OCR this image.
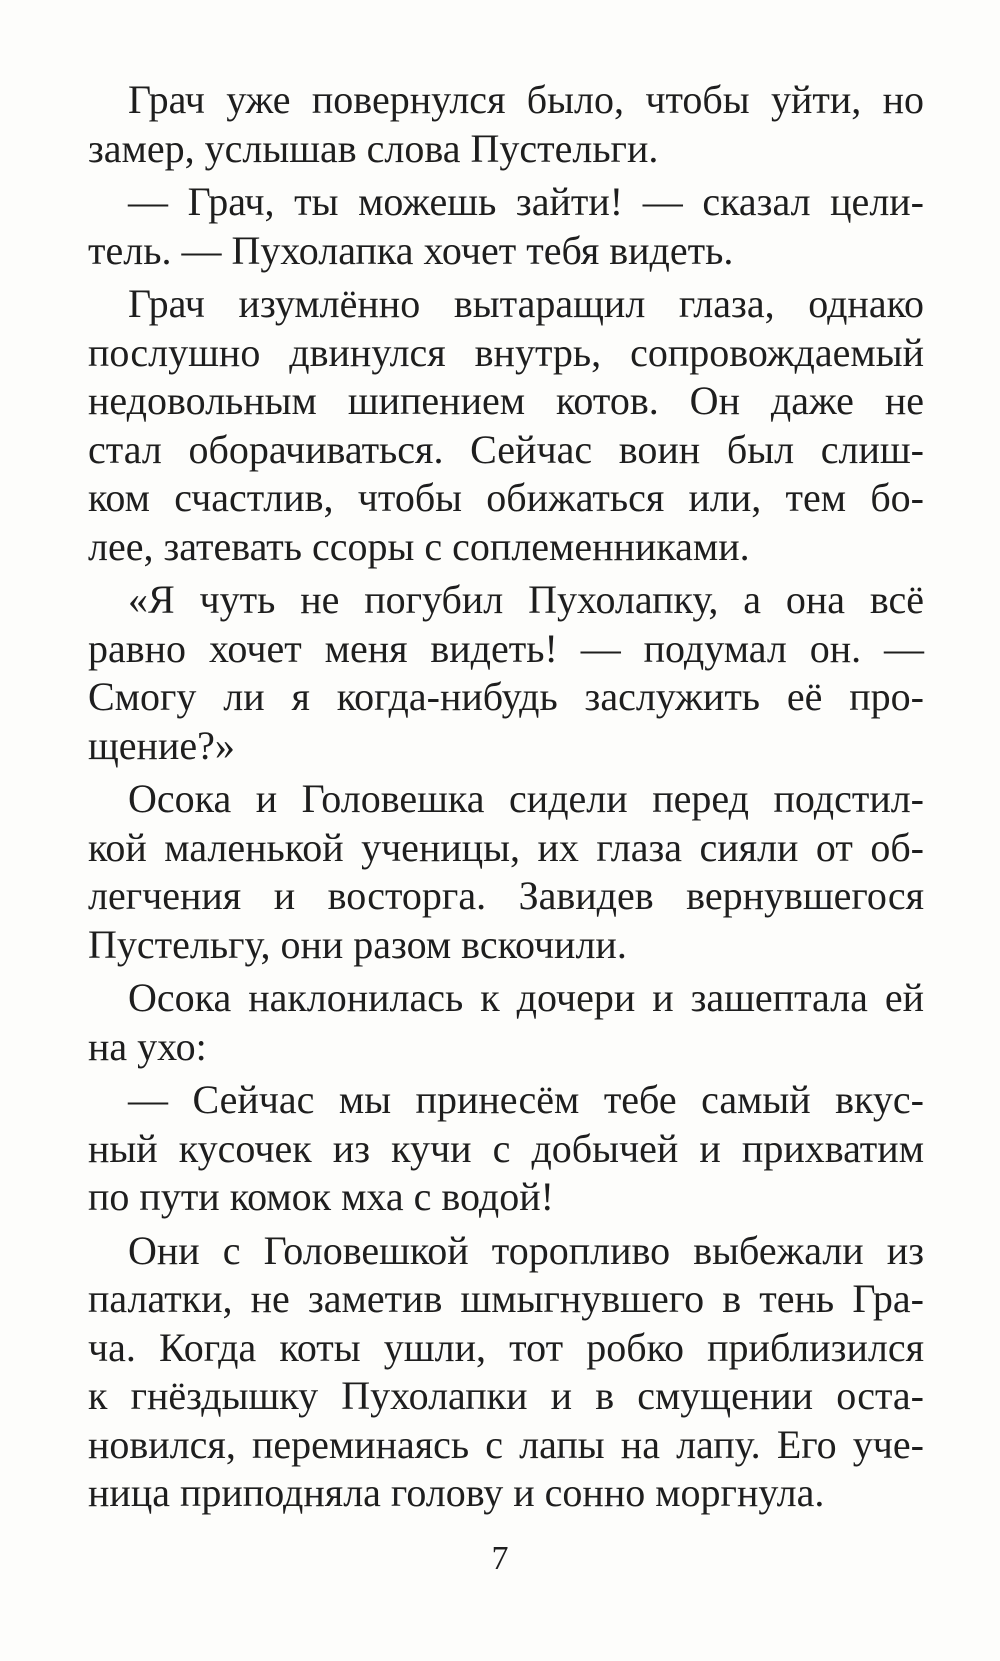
Грач уже повернулся было, чтобы уйти, но
замер, услышав слова Пустельги.
— Грач, ты можешь зайти! — сказал цели-
тель. — Пухолапка хочет тебя видеть.
Грач изумлённо вытаращил глаза, однако
послушно двинулся внутрь, сопровождаемый
недовольным шипением котов. Он даже не
стал оборачиваться. Сейчас воин был слиш-
ком счастлив, чтобы обижаться или, тем бо-
лее, затевать ссоры с соплеменниками.
«Я чуть не погубил Пухолапку, а она всё
равно хочет меня видеть! — подумал он. —
Смогу ли я когда-нибудь заслужить её про-
щение?»
Осока и Головешка сидели перед подстил-
кой маленькой ученицы, их глаза сияли от об-
легчения и восторга. Завидев вернувшегося
Пустельгу, они разом вскочили.
Осока наклонилась к дочери и зашептала ей
на ухо:
— Сейчас мы принесём тебе самый вкус-
ный кусочек из кучи с добычей и прихватим
по пути комок мха с водой!
Они с Головешкой торопливо выбежали из
палатки, не заметив шмыгнувшего в тень Гра-
ча. Когда коты ушли, тот робко приблизился
к гнёздышку Пухолапки и в смущении оста-
новился, переминаясь с лапы на лапу. Его уче-
ница приподняла голову и сонно моргнула.
7
